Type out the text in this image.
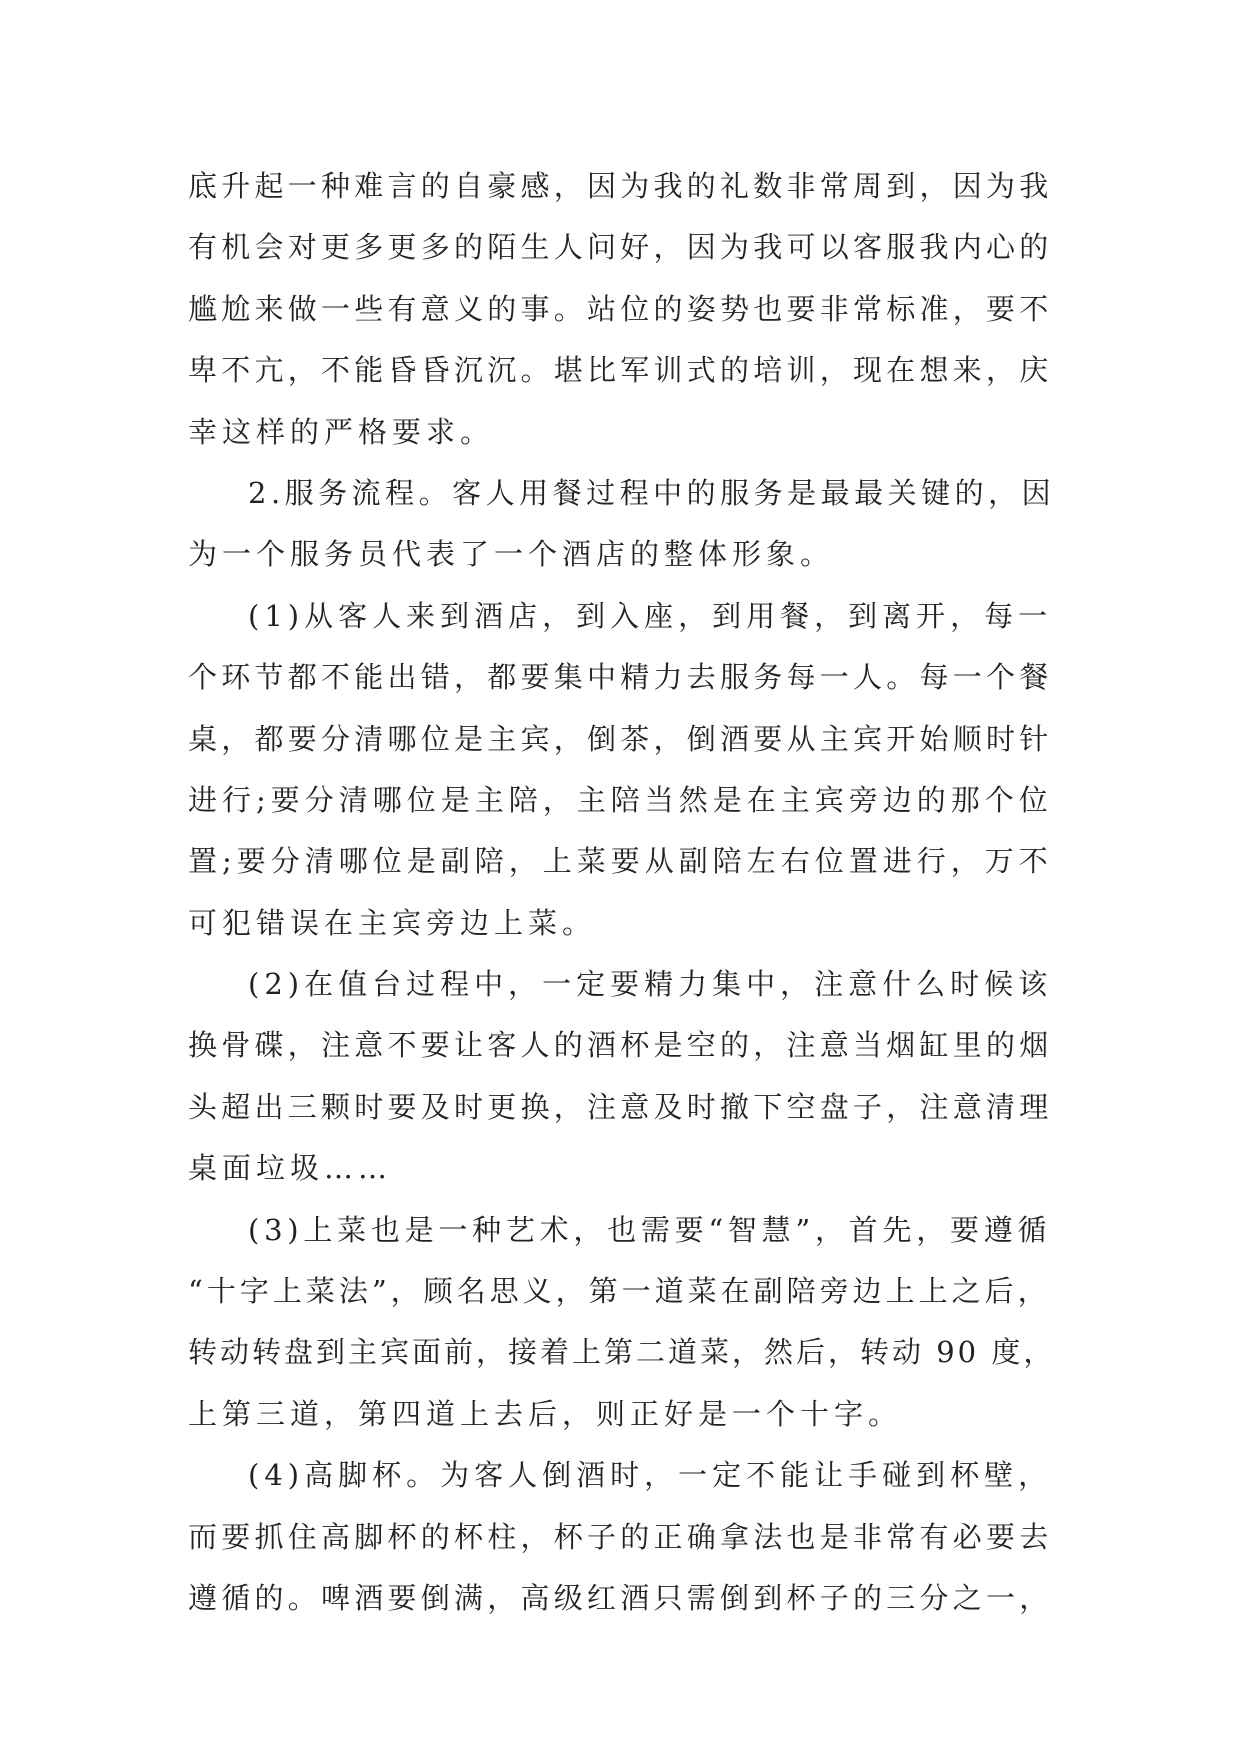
底升起一种难言的自豪感，因为我的礼数非常周到，因为我
有机会对更多更多的陌生人问好，因为我可以客服我内心的
尴尬来做一些有意义的事。站位的姿势也要非常标准，要不
卑不亢，不能昏昏沉沉。堪比军训式的培训，现在想来，庆
幸这样的严格要求。
2.服务流程。客人用餐过程中的服务是最最关键的，因
为一个服务员代表了一个酒店的整体形象。
(1)从客人来到酒店，到入座，到用餐，到离开，每一
个环节都不能出错，都要集中精力去服务每一人。每一个餐
桌，都要分清哪位是主宾，倒茶，倒酒要从主宾开始顺时针
进行;要分清哪位是主陪，主陪当然是在主宾旁边的那个位
置;要分清哪位是副陪，上菜要从副陪左右位置进行，万不
可犯错误在主宾旁边上菜。
(2)在值台过程中，一定要精力集中，注意什么时候该
换骨碟，注意不要让客人的酒杯是空的，注意当烟缸里的烟
头超出三颗时要及时更换，注意及时撤下空盘子，注意清理
桌面垃圾……
(3)上菜也是一种艺术，也需要“智慧”，首先，要遵循
“十字上菜法”，顾名思义，第一道菜在副陪旁边上上之后，
转动转盘到主宾面前，接着上第二道菜，然后，转动 90 度，
上第三道，第四道上去后，则正好是一个十字。
(4)高脚杯。为客人倒酒时，一定不能让手碰到杯壁，
而要抓住高脚杯的杯柱，杯子的正确拿法也是非常有必要去
遵循的。啤酒要倒满，高级红酒只需倒到杯子的三分之一，
